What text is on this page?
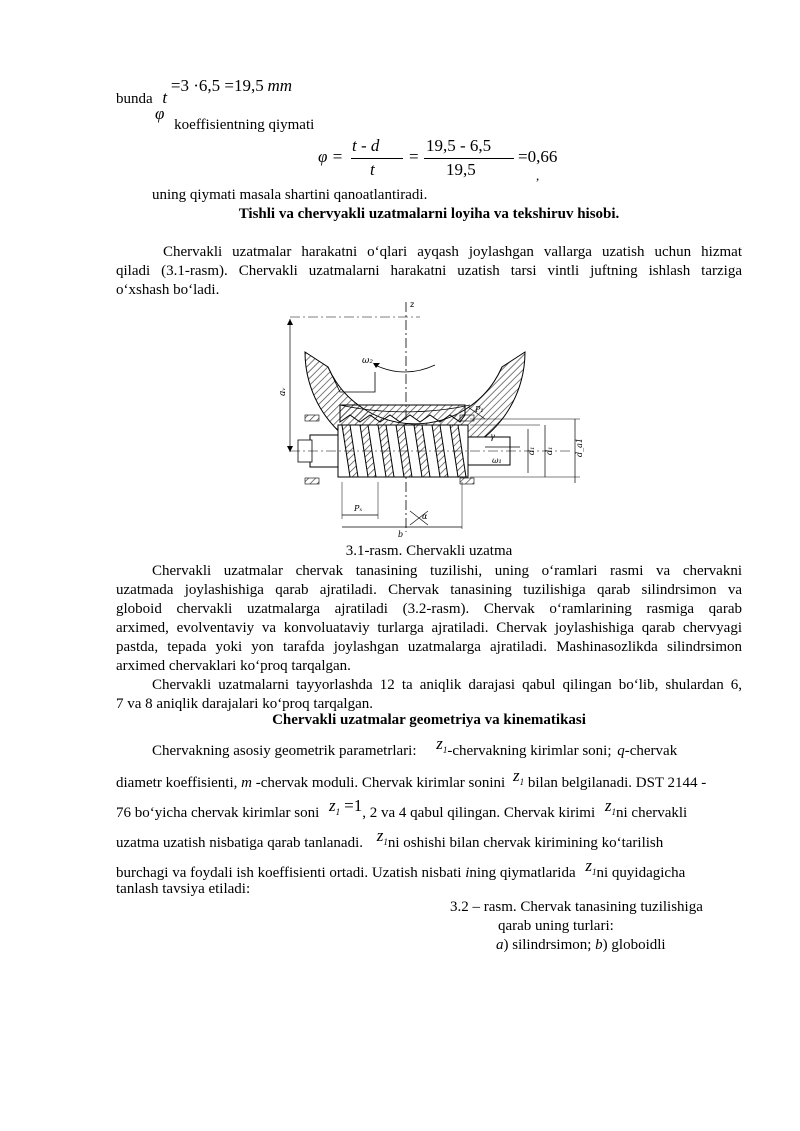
bunda t =3 ·6,5 =19,5 mm
φ koeffisientning qiymati
φ =
t - d
t
=
19,5 - 6,5
19,5
=0,66
,
uning qiymati masala shartini qanoatlantiradi.
Tishli va chervyakli uzatmalarni loyiha va tekshiruv hisobi.
Chervakli uzatmalar harakatni o‘qlari ayqash joylashgan vallarga uzatish uchun hizmat
qiladi (3.1-rasm). Chervakli uzatmalarni harakatni uzatish tarsi vintli juftning ishlash tarziga
o‘xshash bo‘ladi.
z
ω₂
aᵥ
ω₁
γ
P₁
d₁ d₁	d_a1
Pₓ
b
α
3.1-rasm. Chervakli uzatma
Chervakli uzatmalar chervak tanasining tuzilishi, uning o‘ramlari rasmi va chervakni
uzatmada joylashishiga qarab ajratiladi. Chervak tanasining tuzilishiga qarab silindrsimon va
globoid chervakli uzatmalarga ajratiladi (3.2-rasm). Chervak o‘ramlarining rasmiga qarab
arximed, evolventaviy va konvoluataviy turlarga ajratiladi. Chervak joylashishiga qarab chervyagi
pastda, tepada yoki yon tarafda joylashgan uzatmalarga ajratiladi. Mashinasozlikda silindrsimon
arximed chervaklari ko‘proq tarqalgan.
Chervakli uzatmalarni tayyorlashda 12 ta aniqlik darajasi qabul qilingan bo‘lib, shulardan 6,
7 va 8 aniqlik darajalari ko‘proq tarqalgan.
Chervakli uzatmalar geometriya va kinematikasi
Chervakning asosiy geometrik parametrlari: $z_1$-chervakning kirimlar soni; q-chervak
diametr koeffisienti, m -chervak moduli. Chervak kirimlar sonini $z_1$ bilan belgilanadi. DST 2144 -
76 bo‘yicha chervak kirimlar soni $z_1 =1$, 2 va 4 qabul qilingan. Chervak kirimi $z_1ni$ chervakli
uzatma uzatish nisbatiga qarab tanlanadi. $z_1ni$ oshishi bilan chervak kirimining ko‘tarilish
burchagi va foydali ish koeffisienti ortadi. Uzatish nisbati ining qiymatlarida $z_1ni$ quyidagicha
tanlash tavsiya etiladi:
3.2 – rasm. Chervak tanasining tuzilishiga
qarab uning turlari:
a) silindrsimon; b) globoidli
